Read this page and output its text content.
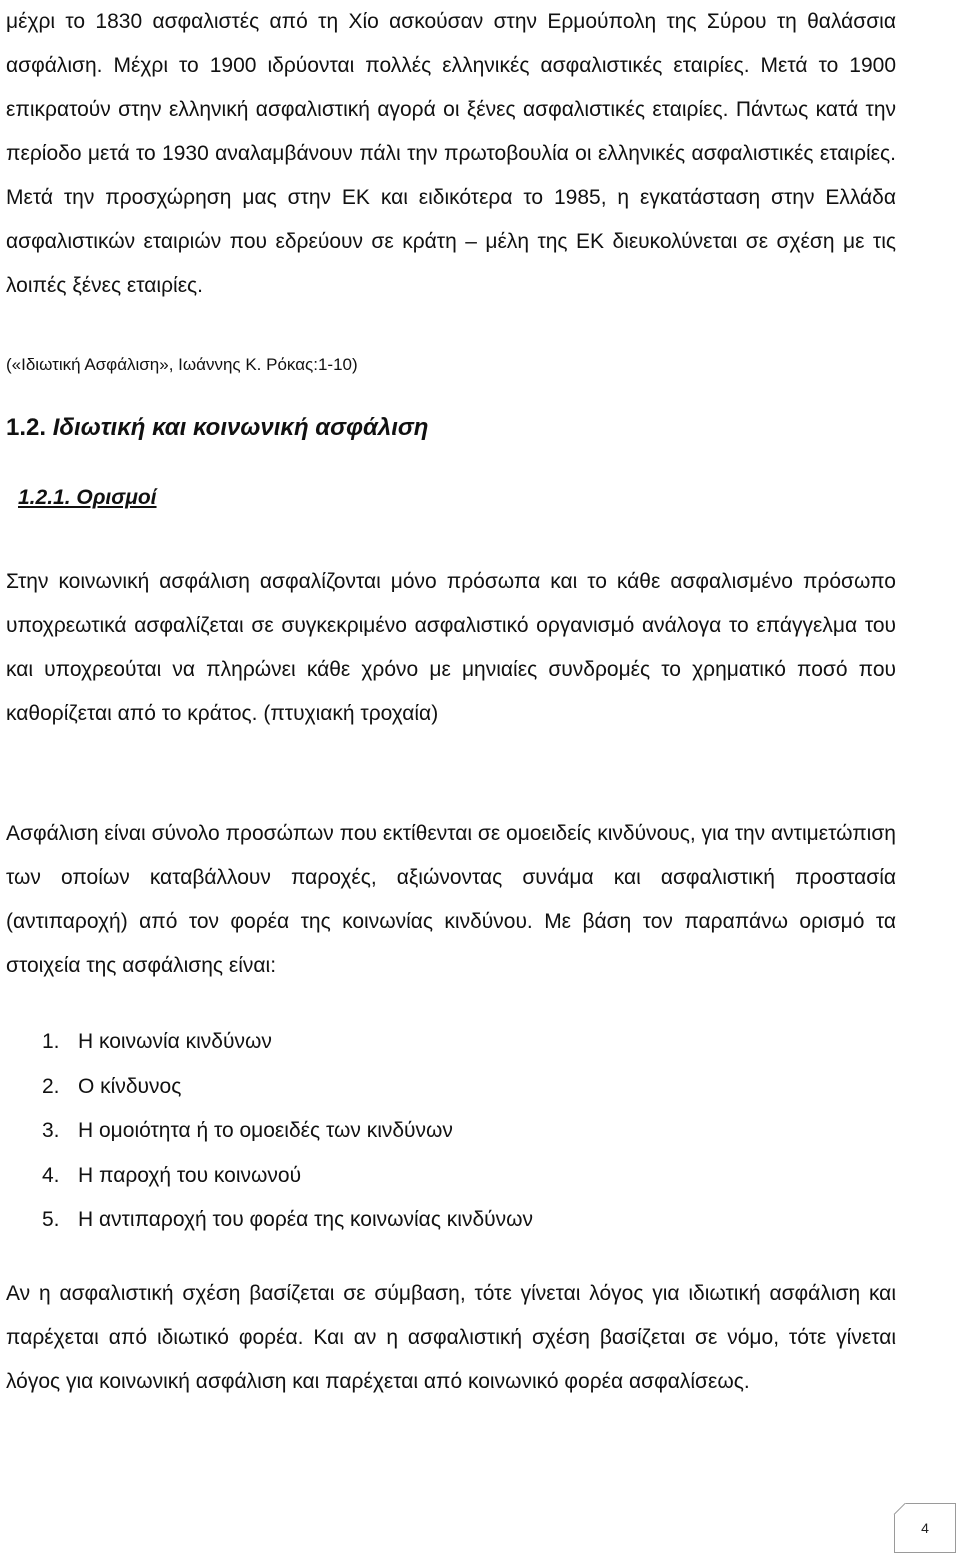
μέχρι το 1830 ασφαλιστές από τη Χίο ασκούσαν στην Ερμούπολη της Σύρου τη θαλάσσια ασφάλιση. Μέχρι το 1900 ιδρύονται πολλές ελληνικές ασφαλιστικές εταιρίες. Μετά το 1900 επικρατούν στην ελληνική ασφαλιστική αγορά οι ξένες ασφαλιστικές εταιρίες. Πάντως κατά την περίοδο μετά το 1930 αναλαμβάνουν πάλι την πρωτοβουλία οι ελληνικές ασφαλιστικές εταιρίες. Μετά την προσχώρηση μας στην ΕΚ και ειδικότερα το 1985, η εγκατάσταση στην Ελλάδα ασφαλιστικών εταιριών που εδρεύουν σε κράτη – μέλη της ΕΚ διευκολύνεται σε σχέση με τις λοιπές ξένες εταιρίες.

(«Ιδιωτική Ασφάλιση», Ιωάννης Κ. Ρόκας:1-10)

1.2. Ιδιωτική και κοινωνική ασφάλιση
1.2.1. Ορισμοί

Στην κοινωνική ασφάλιση ασφαλίζονται μόνο πρόσωπα και το κάθε ασφαλισμένο πρόσωπο υποχρεωτικά ασφαλίζεται σε συγκεκριμένο ασφαλιστικό οργανισμό ανάλογα το επάγγελμα του και υποχρεούται να πληρώνει κάθε χρόνο με μηνιαίες συνδρομές το χρηματικό ποσό που καθορίζεται από το κράτος. (πτυχιακή τροχαία)

Ασφάλιση είναι σύνολο προσώπων που εκτίθενται σε ομοειδείς κινδύνους, για την αντιμετώπιση των οποίων καταβάλλουν παροχές, αξιώνοντας συνάμα και ασφαλιστική προστασία (αντιπαροχή) από τον φορέα της κοινωνίας κινδύνου. Με βάση τον παραπάνω ορισμό τα στοιχεία της ασφάλισης είναι:

1. Η κοινωνία κινδύνων
2. Ο κίνδυνος
3. Η ομοιότητα ή το ομοειδές των κινδύνων
4. Η παροχή του κοινωνού
5. Η αντιπαροχή του φορέα της κοινωνίας κινδύνων

Αν η ασφαλιστική σχέση βασίζεται σε σύμβαση, τότε γίνεται λόγος για ιδιωτική ασφάλιση και παρέχεται από ιδιωτικό φορέα. Και αν η ασφαλιστική σχέση βασίζεται σε νόμο, τότε γίνεται λόγος για κοινωνική ασφάλιση και παρέχεται από κοινωνικό φορέα ασφαλίσεως.

4
